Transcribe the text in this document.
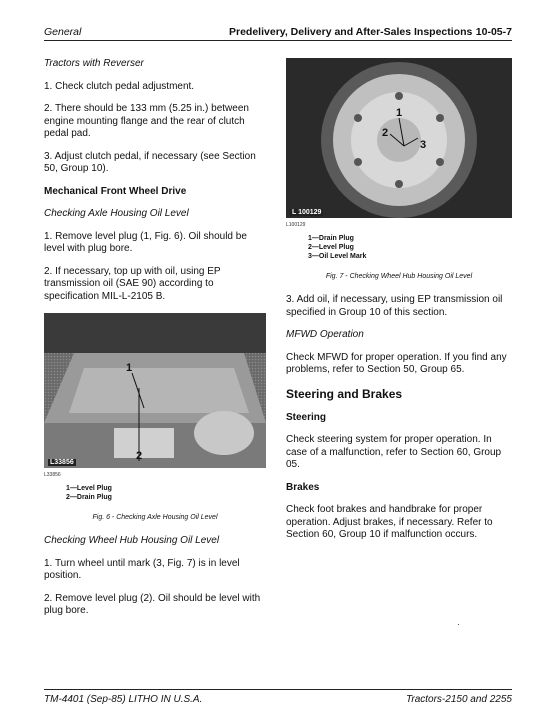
General	Predelivery, Delivery and After-Sales Inspections 10-05-7

Tractors with Reverser

1. Check clutch pedal adjustment.

2. There should be 133 mm (5.25 in.) between engine mounting flange and the rear of clutch pedal pad.

3. Adjust clutch pedal, if necessary (see Section 50, Group 10).

Mechanical Front Wheel Drive

Checking Axle Housing Oil Level

1. Remove level plug (1, Fig. 6). Oil should be level with plug bore.

2. If necessary, top up with oil, using EP transmission oil (SAE 90) according to specification MIL-L-2105 B.

1
2
L33856
L33856
1—Level Plug
2—Drain Plug
Fig. 6 - Checking Axle Housing Oil Level

Checking Wheel Hub Housing Oil Level

1. Turn wheel until mark (3, Fig. 7) is in level position.

2. Remove level plug (2). Oil should be level with plug bore.

1
2
3
L 100129
L100129
1—Drain Plug
2—Level Plug
3—Oil Level Mark
Fig. 7 - Checking Wheel Hub Housing Oil Level

3. Add oil, if necessary, using EP transmission oil specified in Group 10 of this section.

MFWD Operation

Check MFWD for proper operation. If you find any problems, refer to Section 50, Group 65.

Steering and Brakes

Steering

Check steering system for proper operation. In case of a malfunction, refer to Section 60, Group 05.

Brakes

Check foot brakes and handbrake for proper operation. Adjust brakes, if necessary. Refer to Section 60, Group 10 if malfunction occurs.

TM-4401 (Sep-85) LITHO IN U.S.A.	Tractors-2150 and 2255
